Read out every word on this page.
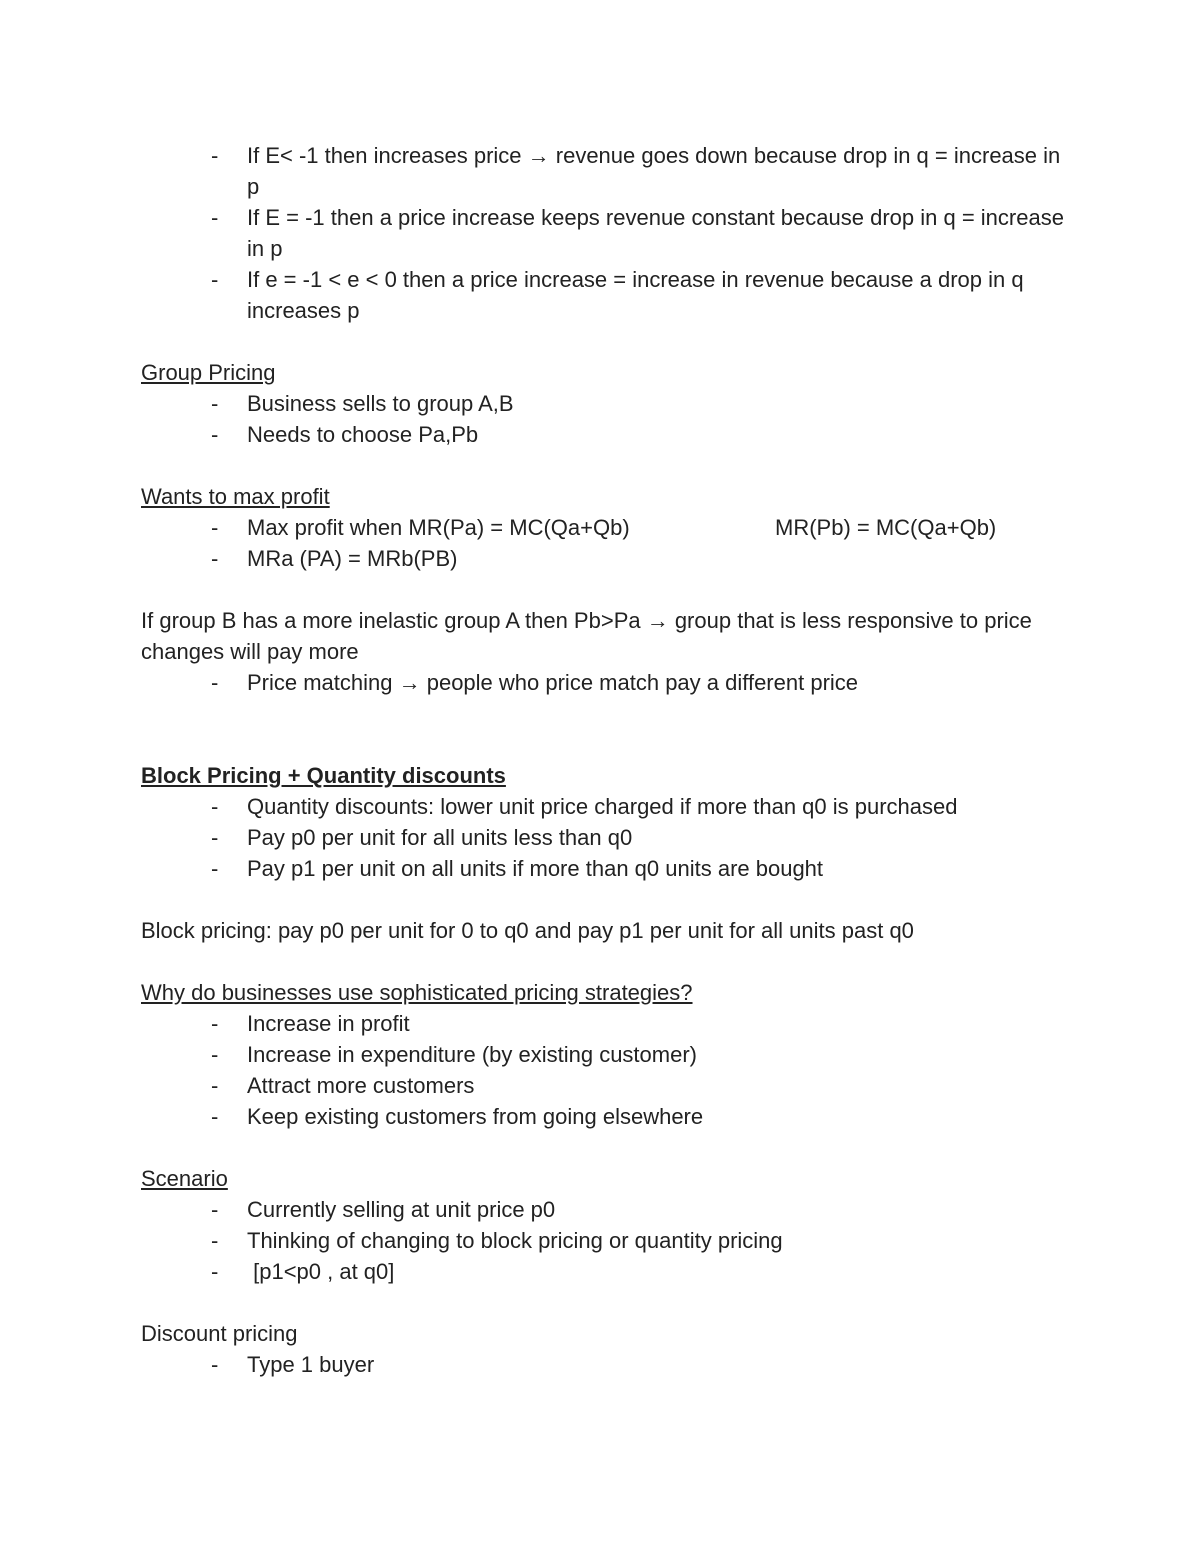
- If E< -1 then increases price → revenue goes down because drop in q = increase in p
- If E = -1 then a price increase keeps revenue constant because drop in q = increase in p
- If e = -1 < e < 0 then a price increase = increase in revenue because a drop in q increases p
Group Pricing
- Business sells to group A,B
- Needs to choose Pa,Pb
Wants to max profit
- Max profit when MR(Pa) = MC(Qa+Qb)	MR(Pb) = MC(Qa+Qb)
- MRa (PA) = MRb(PB)
If group B has a more inelastic group A then Pb>Pa → group that is less responsive to price changes will pay more
- Price matching → people who price match pay a different price
Block Pricing + Quantity discounts
- Quantity discounts: lower unit price charged if more than q0 is purchased
- Pay p0 per unit for all units less than q0
- Pay p1 per unit on all units if more than q0 units are bought
Block pricing: pay p0 per unit for 0 to q0 and pay p1 per unit for all units past q0
Why do businesses use sophisticated pricing strategies?
- Increase in profit
- Increase in expenditure (by existing customer)
- Attract more customers
- Keep existing customers from going elsewhere
Scenario
- Currently selling at unit price p0
- Thinking of changing to block pricing or quantity pricing
- [p1<p0 , at q0]
Discount pricing
- Type 1 buyer
